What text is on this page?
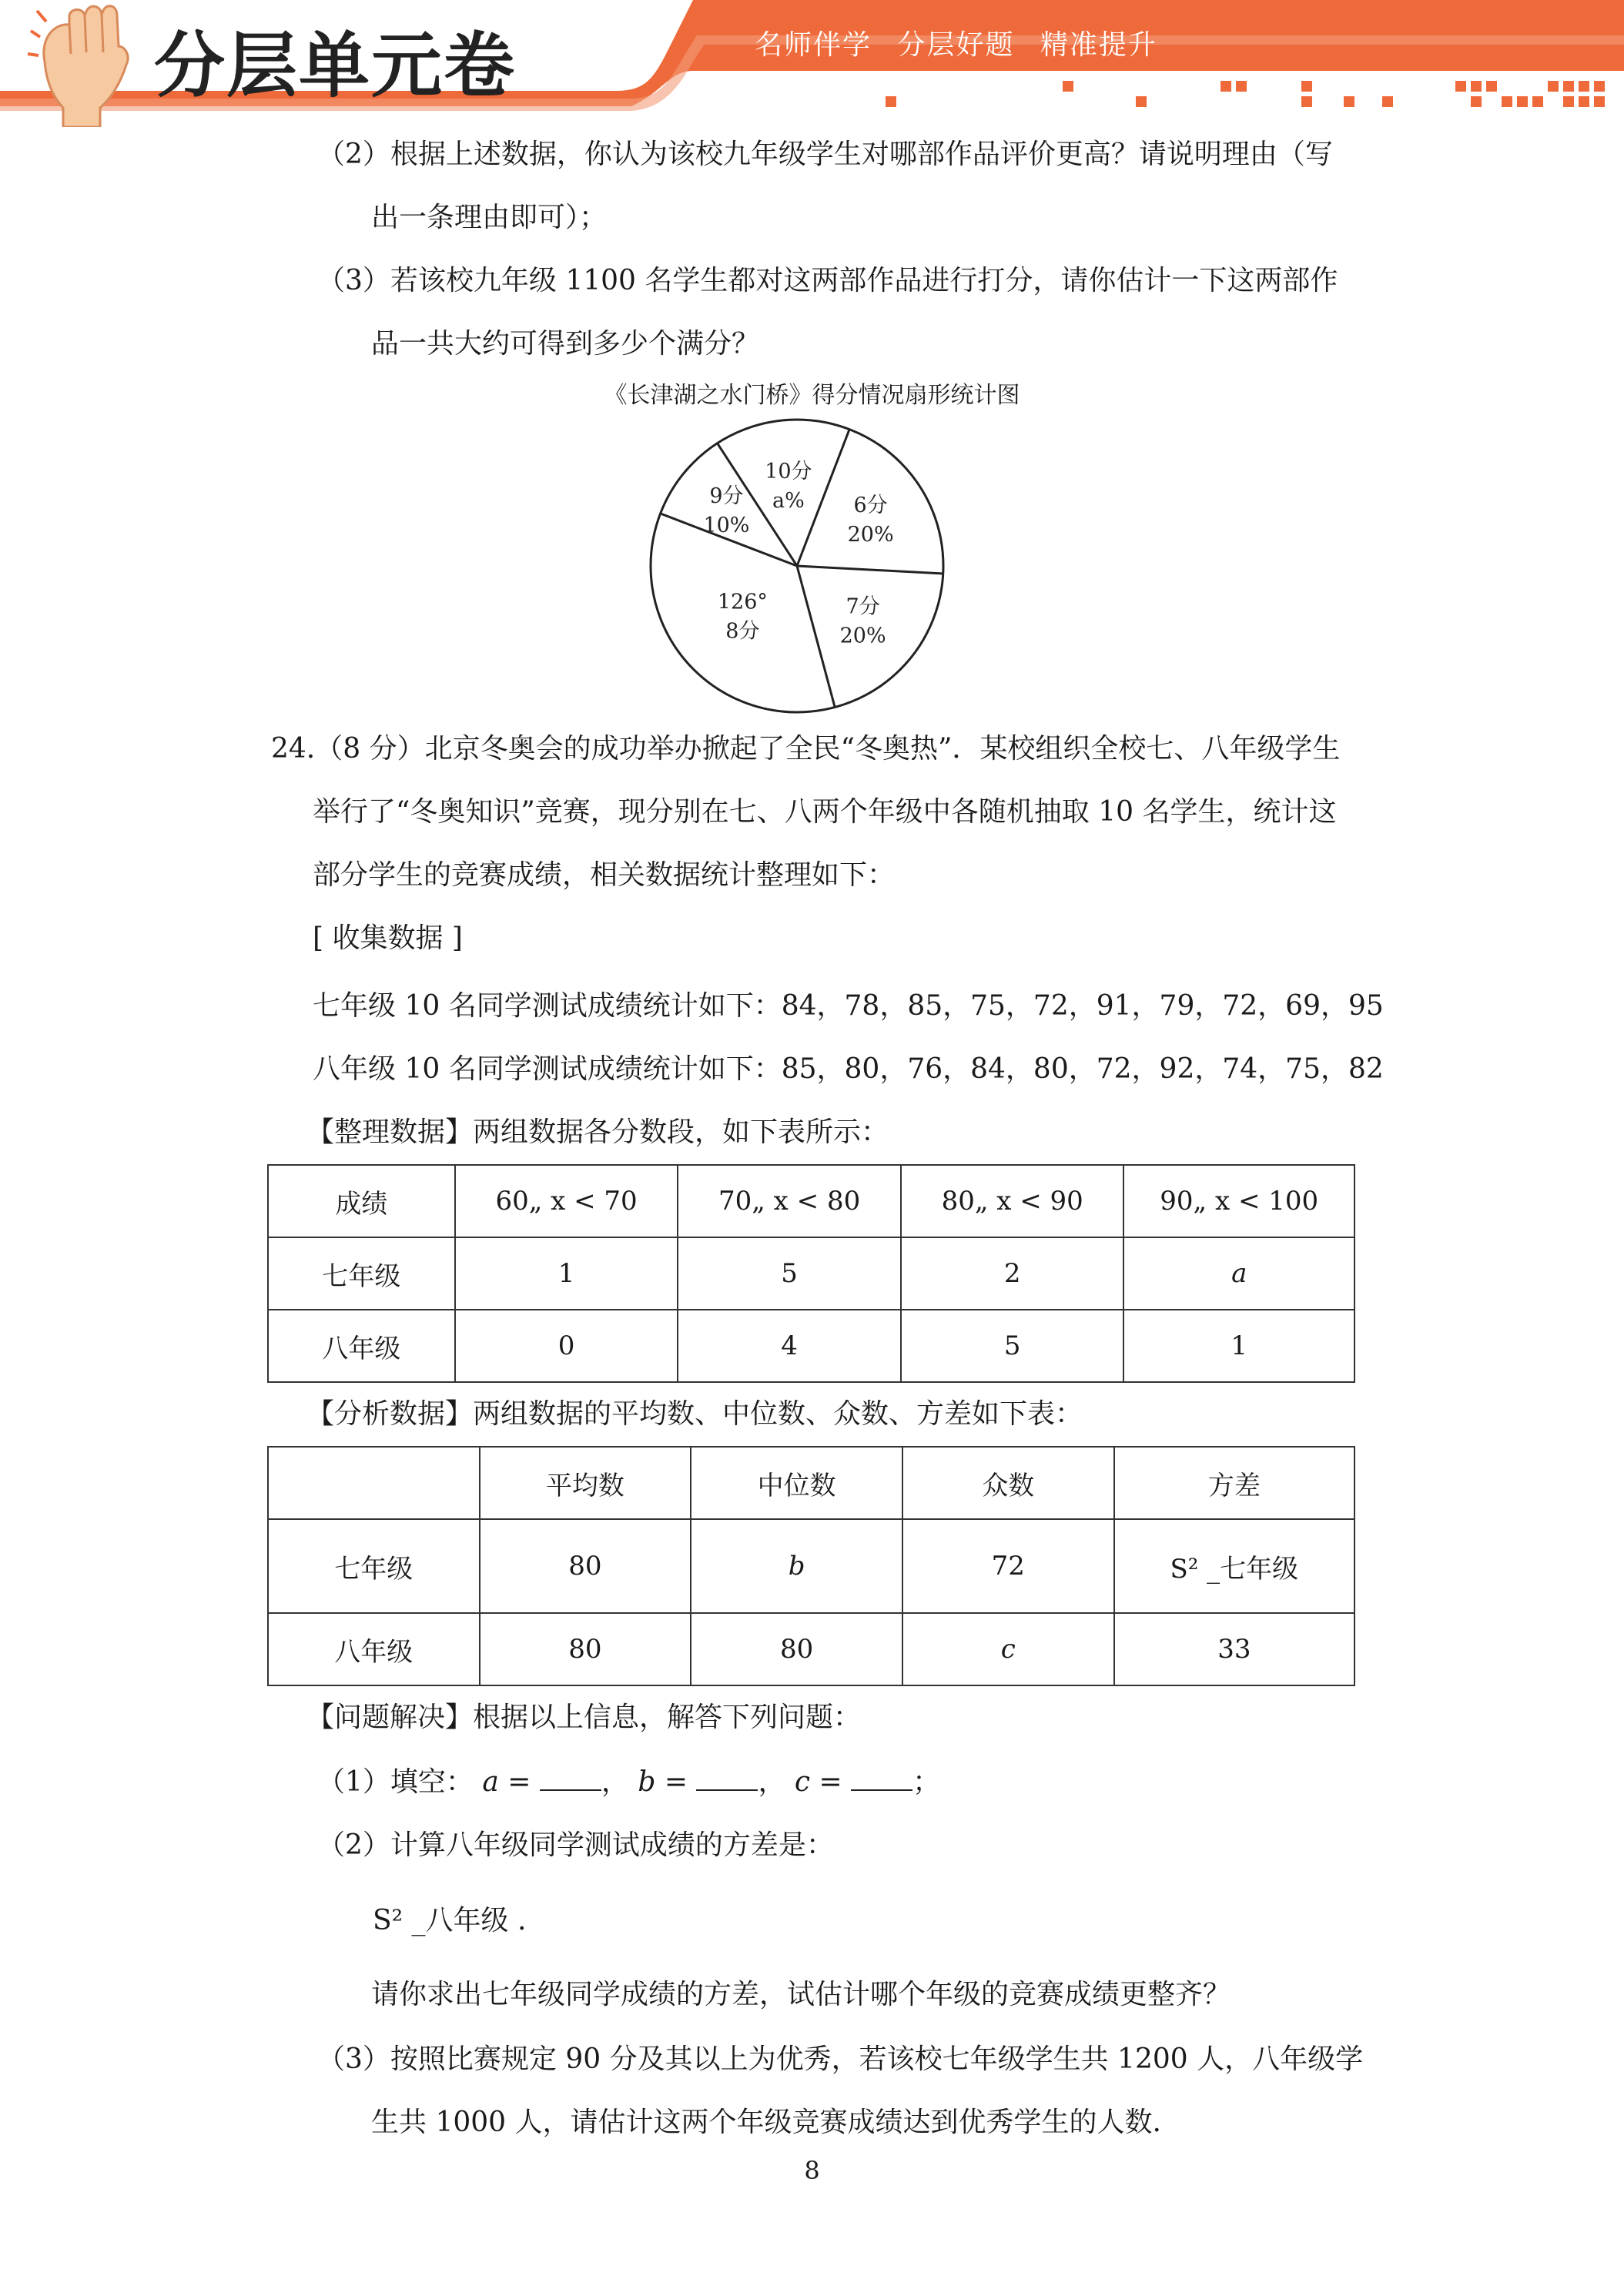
分层单元卷	名师伴学 分层好题 精准提升
（2）根据上述数据，你认为该校九年级学生对哪部作品评价更高？请说明理由（写
出一条理由即可）；
（3）若该校九年级 1100 名学生都对这两部作品进行打分，请你估计一下这两部作
品一共大约可得到多少个满分？
《长津湖之水门桥》得分情况扇形统计图
10分
a% 6分
20%
7分
20%
126°
8分
9分
10%
24.（8 分）北京冬奥会的成功举办掀起了全民“冬奥热”．某校组织全校七、八年级学生
举行了“冬奥知识”竞赛，现分别在七、八两个年级中各随机抽取 10 名学生，统计这
部分学生的竞赛成绩，相关数据统计整理如下：
[ 收集数据 ]
七年级 10 名同学测试成绩统计如下：84，78，85，75，72，91，79，72，69，95
八年级 10 名同学测试成绩统计如下：85，80，76，84，80，72，92，74，75，82
【整理数据】两组数据各分数段，如下表所示：
成绩	60„ x < 70	70„ x < 80	80„ x < 90	90„ x < 100
七年级	1	5	2	a
八年级	0	4	5	1
【分析数据】两组数据的平均数、中位数、众数、方差如下表：
	平均数	中位数	众数	方差
七年级	80	b	72	S² _七年级
八年级	80	80	c	33
【问题解决】根据以上信息，解答下列问题：
（1）填空： a =	， b =	， c =	；
（2）计算八年级同学测试成绩的方差是：
S² _八年级 .
请你求出七年级同学成绩的方差，试估计哪个年级的竞赛成绩更整齐？
（3）按照比赛规定 90 分及其以上为优秀，若该校七年级学生共 1200 人，八年级学
生共 1000 人，请估计这两个年级竞赛成绩达到优秀学生的人数.
8
